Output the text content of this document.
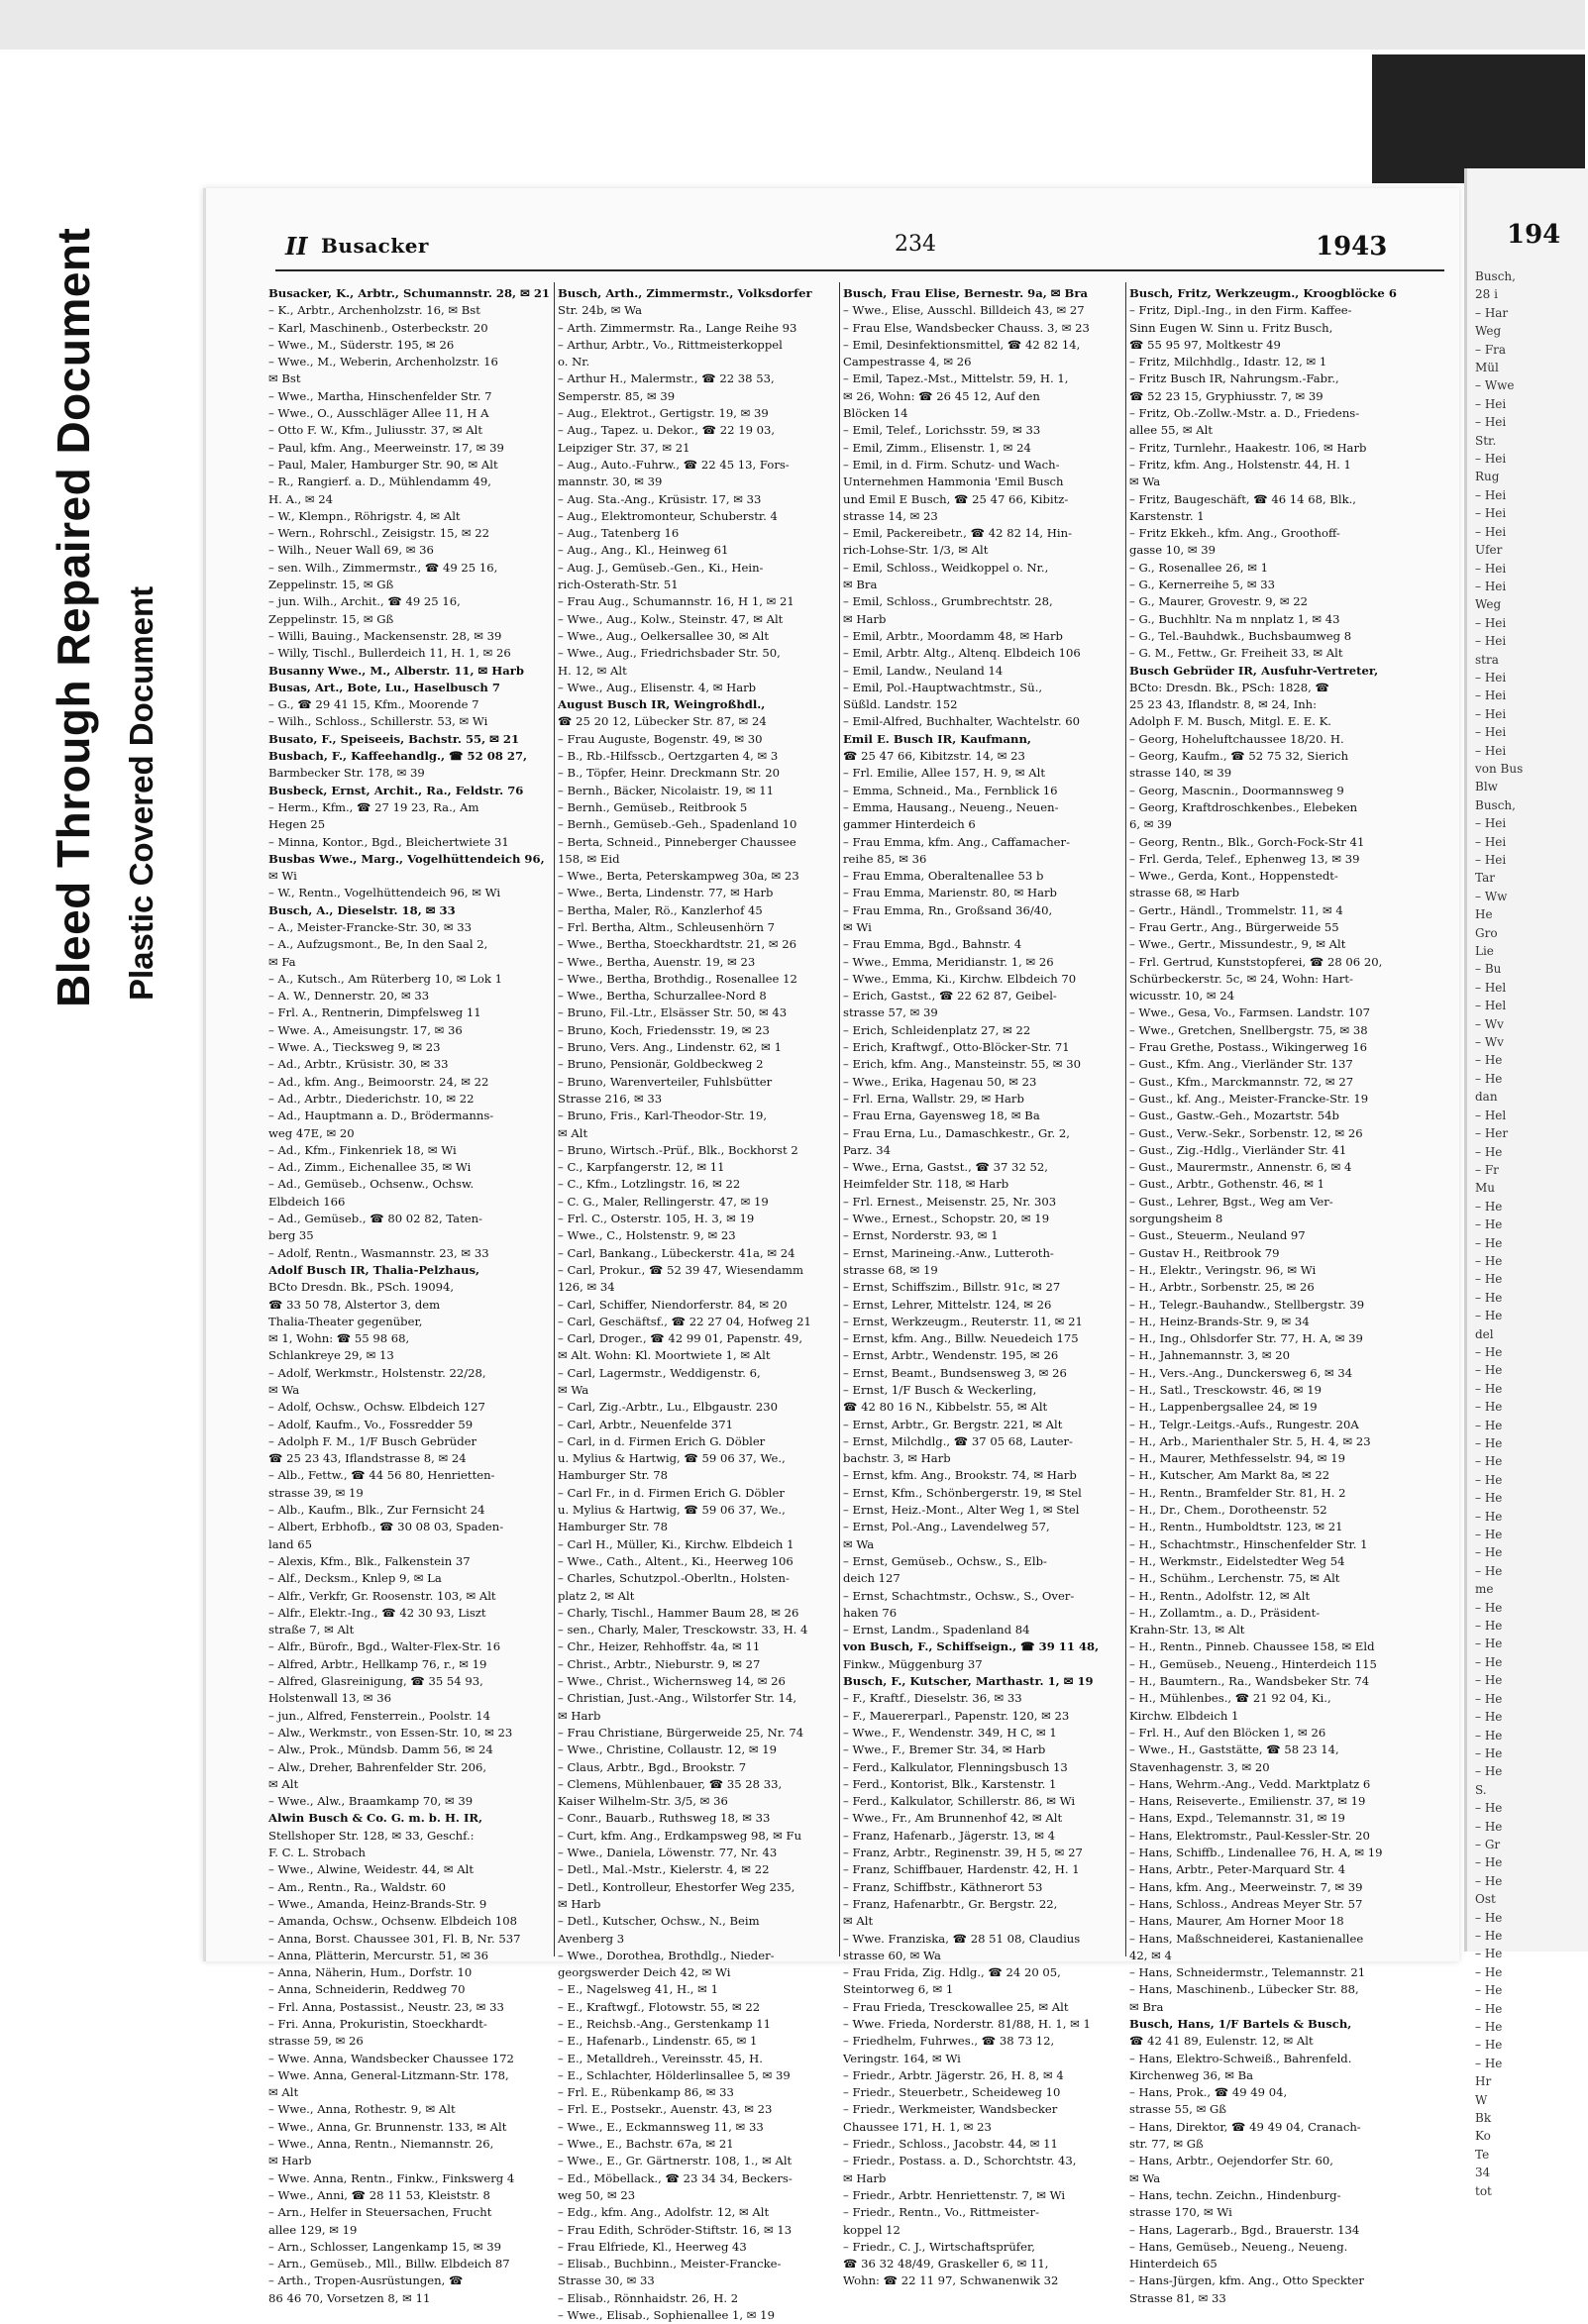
Bleed Through Repaired Document Plastic Covered Document
194
Busch,
28 i
– Har
Weg
– Fra
Mül
– Wwe
– Hei
– Hei
Str.
– Hei
Rug
– Hei
– Hei
– Hei
Ufer
– Hei
– Hei
Weg
– Hei
– Hei
stra
– Hei
– Hei
– Hei
– Hei
– Hei
von Bus
Blw
Busch,
– Hei
– Hei
– Hei
Tar
– Ww
He
Gro
Lie
– Bu
– Hel
– Hel
– Wv
– Wv
– He
– He
dan
– Hel
– Her
– He
– Fr
Mu
– He
– He
– He
– He
– He
– He
– He
del
– He
– He
– He
– He
– He
– He
– He
– He
– He
– He
– He
– He
– He
me
– He
– He
– He
– He
– He
– He
– He
– He
– He
– He
S.
– He
– He
– Gr
– He
– He
Ost
– He
– He
– He
– He
– He
– He
– He
– He
– He
Hr
W
Bk
Ko
Te
34
tot
II Busacker	234	1943
Busacker, K., Arbtr., Schumannstr. 28, ✉ 21
– K., Arbtr., Archenholzstr. 16, ✉ Bst
– Karl, Maschinenb., Osterbeckstr. 20
– Wwe., M., Süderstr. 195, ✉ 26
– Wwe., M., Weberin, Archenholzstr. 16
✉ Bst
– Wwe., Martha, Hinschenfelder Str. 7
– Wwe., O., Ausschläger Allee 11, H A
– Otto F. W., Kfm., Juliusstr. 37, ✉ Alt
– Paul, kfm. Ang., Meerweinstr. 17, ✉ 39
– Paul, Maler, Hamburger Str. 90, ✉ Alt
– R., Rangierf. a. D., Mühlendamm 49,
H. A., ✉ 24
– W., Klempn., Röhrigstr. 4, ✉ Alt
– Wern., Rohrschl., Zeisigstr. 15, ✉ 22
– Wilh., Neuer Wall 69, ✉ 36
– sen. Wilh., Zimmermstr., ☎ 49 25 16,
Zeppelinstr. 15, ✉ Gß
– jun. Wilh., Archit., ☎ 49 25 16,
Zeppelinstr. 15, ✉ Gß
– Willi, Bauing., Mackensenstr. 28, ✉ 39
– Willy, Tischl., Bullerdeich 11, H. 1, ✉ 26
Busanny Wwe., M., Alberstr. 11, ✉ Harb
Busas, Art., Bote, Lu., Haselbusch 7
– G., ☎ 29 41 15, Kfm., Moorende 7
– Wilh., Schloss., Schillerstr. 53, ✉ Wi
Busato, F., Speiseeis, Bachstr. 55, ✉ 21
Busbach, F., Kaffeehandlg., ☎ 52 08 27,
Barmbecker Str. 178, ✉ 39
Busbeck, Ernst, Archit., Ra., Feldstr. 76
– Herm., Kfm., ☎ 27 19 23, Ra., Am
Hegen 25
– Minna, Kontor., Bgd., Bleichertwiete 31
Busbas Wwe., Marg., Vogelhüttendeich 96,
✉ Wi
– W., Rentn., Vogelhüttendeich 96, ✉ Wi
Busch, A., Dieselstr. 18, ✉ 33
– A., Meister-Francke-Str. 30, ✉ 33
– A., Aufzugsmont., Be, In den Saal 2,
✉ Fa
– A., Kutsch., Am Rüterberg 10, ✉ Lok 1
– A. W., Dennerstr. 20, ✉ 33
– Frl. A., Rentnerin, Dimpfelsweg 11
– Wwe. A., Ameisungstr. 17, ✉ 36
– Wwe. A., Tiecksweg 9, ✉ 23
– Ad., Arbtr., Krüsistr. 30, ✉ 33
– Ad., kfm. Ang., Beimoorstr. 24, ✉ 22
– Ad., Arbtr., Diederichstr. 10, ✉ 22
– Ad., Hauptmann a. D., Brödermanns-
weg 47E, ✉ 20
– Ad., Kfm., Finkenriek 18, ✉ Wi
– Ad., Zimm., Eichenallee 35, ✉ Wi
– Ad., Gemüseb., Ochsenw., Ochsw.
Elbdeich 166
– Ad., Gemüseb., ☎ 80 02 82, Taten-
berg 35
– Adolf, Rentn., Wasmannstr. 23, ✉ 33
Adolf Busch IR, Thalia-Pelzhaus,
BCto Dresdn. Bk., PSch. 19094,
☎ 33 50 78, Alstertor 3, dem
Thalia-Theater gegenüber,
✉ 1, Wohn: ☎ 55 98 68,
Schlankreye 29, ✉ 13
– Adolf, Werkmstr., Holstenstr. 22/28,
✉ Wa
– Adolf, Ochsw., Ochsw. Elbdeich 127
– Adolf, Kaufm., Vo., Fossredder 59
– Adolph F. M., 1/F Busch Gebrüder
☎ 25 23 43, Iflandstrasse 8, ✉ 24
– Alb., Fettw., ☎ 44 56 80, Henrietten-
strasse 39, ✉ 19
– Alb., Kaufm., Blk., Zur Fernsicht 24
– Albert, Erbhofb., ☎ 30 08 03, Spaden-
land 65
– Alexis, Kfm., Blk., Falkenstein 37
– Alf., Decksm., Knlep 9, ✉ La
– Alfr., Verkfr, Gr. Roosenstr. 103, ✉ Alt
– Alfr., Elektr.-Ing., ☎ 42 30 93, Liszt
straße 7, ✉ Alt
– Alfr., Bürofr., Bgd., Walter-Flex-Str. 16
– Alfred, Arbtr., Hellkamp 76, r., ✉ 19
– Alfred, Glasreinigung, ☎ 35 54 93,
Holstenwall 13, ✉ 36
– jun., Alfred, Fensterrein., Poolstr. 14
– Alw., Werkmstr., von Essen-Str. 10, ✉ 23
– Alw., Prok., Mündsb. Damm 56, ✉ 24
– Alw., Dreher, Bahrenfelder Str. 206,
✉ Alt
– Wwe., Alw., Braamkamp 70, ✉ 39
Alwin Busch & Co. G. m. b. H. IR,
Stellshoper Str. 128, ✉ 33, Geschf.:
F. C. L. Strobach
– Wwe., Alwine, Weidestr. 44, ✉ Alt
– Am., Rentn., Ra., Waldstr. 60
– Wwe., Amanda, Heinz-Brands-Str. 9
– Amanda, Ochsw., Ochsenw. Elbdeich 108
– Anna, Borst. Chaussee 301, Fl. B, Nr. 537
– Anna, Plätterin, Mercurstr. 51, ✉ 36
– Anna, Näherin, Hum., Dorfstr. 10
– Anna, Schneiderin, Reddweg 70
– Frl. Anna, Postassist., Neustr. 23, ✉ 33
– Fri. Anna, Prokuristin, Stoeckhardt-
strasse 59, ✉ 26
– Wwe. Anna, Wandsbecker Chaussee 172
– Wwe. Anna, General-Litzmann-Str. 178,
✉ Alt
– Wwe., Anna, Rothestr. 9, ✉ Alt
– Wwe., Anna, Gr. Brunnenstr. 133, ✉ Alt
– Wwe., Anna, Rentn., Niemannstr. 26,
✉ Harb
– Wwe. Anna, Rentn., Finkw., Finkswerg 4
– Wwe., Anni, ☎ 28 11 53, Kleiststr. 8
– Arn., Helfer in Steuersachen, Frucht
allee 129, ✉ 19
– Arn., Schlosser, Langenkamp 15, ✉ 39
– Arn., Gemüseb., Mll., Billw. Elbdeich 87
– Arth., Tropen-Ausrüstungen, ☎
86 46 70, Vorsetzen 8, ✉ 11
Busch, Arth., Zimmermstr., Volksdorfer
Str. 24b, ✉ Wa
– Arth. Zimmermstr. Ra., Lange Reihe 93
– Arthur, Arbtr., Vo., Rittmeisterkoppel
o. Nr.
– Arthur H., Malermstr., ☎ 22 38 53,
Semperstr. 85, ✉ 39
– Aug., Elektrot., Gertigstr. 19, ✉ 39
– Aug., Tapez. u. Dekor., ☎ 22 19 03,
Leipziger Str. 37, ✉ 21
– Aug., Auto.-Fuhrw., ☎ 22 45 13, Fors-
mannstr. 30, ✉ 39
– Aug. Sta.-Ang., Krüsistr. 17, ✉ 33
– Aug., Elektromonteur, Schuberstr. 4
– Aug., Tatenberg 16
– Aug., Ang., Kl., Heinweg 61
– Aug. J., Gemüseb.-Gen., Ki., Hein-
rich-Osterath-Str. 51
– Frau Aug., Schumannstr. 16, H 1, ✉ 21
– Wwe., Aug., Kolw., Steinstr. 47, ✉ Alt
– Wwe., Aug., Oelkersallee 30, ✉ Alt
– Wwe., Aug., Friedrichsbader Str. 50,
H. 12, ✉ Alt
– Wwe., Aug., Elisenstr. 4, ✉ Harb
August Busch IR, Weingroßhdl.,
☎ 25 20 12, Lübecker Str. 87, ✉ 24
– Frau Auguste, Bogenstr. 49, ✉ 30
– B., Rb.-Hilfsscb., Oertzgarten 4, ✉ 3
– B., Töpfer, Heinr. Dreckmann Str. 20
– Bernh., Bäcker, Nicolaistr. 19, ✉ 11
– Bernh., Gemüseb., Reitbrook 5
– Bernh., Gemüseb.-Geh., Spadenland 10
– Berta, Schneid., Pinneberger Chaussee
158, ✉ Eid
– Wwe., Berta, Peterskampweg 30a, ✉ 23
– Wwe., Berta, Lindenstr. 77, ✉ Harb
– Bertha, Maler, Rö., Kanzlerhof 45
– Frl. Bertha, Altm., Schleusenhörn 7
– Wwe., Bertha, Stoeckhardtstr. 21, ✉ 26
– Wwe., Bertha, Auenstr. 19, ✉ 23
– Wwe., Bertha, Brothdig., Rosenallee 12
– Wwe., Bertha, Schurzallee-Nord 8
– Bruno, Fil.-Ltr., Elsässer Str. 50, ✉ 43
– Bruno, Koch, Friedensstr. 19, ✉ 23
– Bruno, Vers. Ang., Lindenstr. 62, ✉ 1
– Bruno, Pensionär, Goldbeckweg 2
– Bruno, Warenverteiler, Fuhlsbütter
Strasse 216, ✉ 33
– Bruno, Fris., Karl-Theodor-Str. 19,
✉ Alt
– Bruno, Wirtsch.-Prüf., Blk., Bockhorst 2
– C., Karpfangerstr. 12, ✉ 11
– C., Kfm., Lotzlingstr. 16, ✉ 22
– C. G., Maler, Rellingerstr. 47, ✉ 19
– Frl. C., Osterstr. 105, H. 3, ✉ 19
– Wwe., C., Holstenstr. 9, ✉ 23
– Carl, Bankang., Lübeckerstr. 41a, ✉ 24
– Carl, Prokur., ☎ 52 39 47, Wiesendamm
126, ✉ 34
– Carl, Schiffer, Niendorferstr. 84, ✉ 20
– Carl, Geschäftsf., ☎ 22 27 04, Hofweg 21
– Carl, Droger., ☎ 42 99 01, Papenstr. 49,
✉ Alt. Wohn: Kl. Moortwiete 1, ✉ Alt
– Carl, Lagermstr., Weddigenstr. 6,
✉ Wa
– Carl, Zig.-Arbtr., Lu., Elbgaustr. 230
– Carl, Arbtr., Neuenfelde 371
– Carl, in d. Firmen Erich G. Döbler
u. Mylius & Hartwig, ☎ 59 06 37, We.,
Hamburger Str. 78
– Carl Fr., in d. Firmen Erich G. Döbler
u. Mylius & Hartwig, ☎ 59 06 37, We.,
Hamburger Str. 78
– Carl H., Müller, Ki., Kirchw. Elbdeich 1
– Wwe., Cath., Altent., Ki., Heerweg 106
– Charles, Schutzpol.-Oberltn., Holsten-
platz 2, ✉ Alt
– Charly, Tischl., Hammer Baum 28, ✉ 26
– sen., Charly, Maler, Tresckowstr. 33, H. 4
– Chr., Heizer, Rehhoffstr. 4a, ✉ 11
– Christ., Arbtr., Nieburstr. 9, ✉ 27
– Wwe., Christ., Wichernsweg 14, ✉ 26
– Christian, Just.-Ang., Wilstorfer Str. 14,
✉ Harb
– Frau Christiane, Bürgerweide 25, Nr. 74
– Wwe., Christine, Collaustr. 12, ✉ 19
– Claus, Arbtr., Bgd., Brookstr. 7
– Clemens, Mühlenbauer, ☎ 35 28 33,
Kaiser Wilhelm-Str. 3/5, ✉ 36
– Conr., Bauarb., Ruthsweg 18, ✉ 33
– Curt, kfm. Ang., Erdkampsweg 98, ✉ Fu
– Wwe., Daniela, Löwenstr. 77, Nr. 43
– Detl., Mal.-Mstr., Kielerstr. 4, ✉ 22
– Detl., Kontrolleur, Ehestorfer Weg 235,
✉ Harb
– Detl., Kutscher, Ochsw., N., Beim
Avenberg 3
– Wwe., Dorothea, Brothdlg., Nieder-
georgswerder Deich 42, ✉ Wi
– E., Nagelsweg 41, H., ✉ 1
– E., Kraftwgf., Flotowstr. 55, ✉ 22
– E., Reichsb.-Ang., Gerstenkamp 11
– E., Hafenarb., Lindenstr. 65, ✉ 1
– E., Metalldreh., Vereinsstr. 45, H.
– E., Schlachter, Hölderlinsallee 5, ✉ 39
– Frl. E., Rübenkamp 86, ✉ 33
– Frl. E., Postsekr., Auenstr. 43, ✉ 23
– Wwe., E., Eckmannsweg 11, ✉ 33
– Wwe., E., Bachstr. 67a, ✉ 21
– Wwe., E., Gr. Gärtnerstr. 108, 1., ✉ Alt
– Ed., Möbellack., ☎ 23 34 34, Beckers-
weg 50, ✉ 23
– Edg., kfm. Ang., Adolfstr. 12, ✉ Alt
– Frau Edith, Schröder-Stiftstr. 16, ✉ 13
– Frau Elfriede, Kl., Heerweg 43
– Elisab., Buchbinn., Meister-Francke-
Strasse 30, ✉ 33
– Elisab., Rönnhaidstr. 26, H. 2
– Wwe., Elisab., Sophienallee 1, ✉ 19
Busch, Frau Elise, Bernestr. 9a, ✉ Bra
– Wwe., Elise, Ausschl. Billdeich 43, ✉ 27
– Frau Else, Wandsbecker Chauss. 3, ✉ 23
– Emil, Desinfektionsmittel, ☎ 42 82 14,
Campestrasse 4, ✉ 26
– Emil, Tapez.-Mst., Mittelstr. 59, H. 1,
✉ 26, Wohn: ☎ 26 45 12, Auf den
Blöcken 14
– Emil, Telef., Lorichsstr. 59, ✉ 33
– Emil, Zimm., Elisenstr. 1, ✉ 24
– Emil, in d. Firm. Schutz- und Wach-
Unternehmen Hammonia 'Emil Busch
und Emil E Busch, ☎ 25 47 66, Kibitz-
strasse 14, ✉ 23
– Emil, Packereibetr., ☎ 42 82 14, Hin-
rich-Lohse-Str. 1/3, ✉ Alt
– Emil, Schloss., Weidkoppel o. Nr.,
✉ Bra
– Emil, Schloss., Grumbrechtstr. 28,
✉ Harb
– Emil, Arbtr., Moordamm 48, ✉ Harb
– Emil, Arbtr. Altg., Altenq. Elbdeich 106
– Emil, Landw., Neuland 14
– Emil, Pol.-Hauptwachtmstr., Sü.,
Süßld. Landstr. 152
– Emil-Alfred, Buchhalter, Wachtelstr. 60
Emil E. Busch IR, Kaufmann,
☎ 25 47 66, Kibitzstr. 14, ✉ 23
– Frl. Emilie, Allee 157, H. 9, ✉ Alt
– Emma, Schneid., Ma., Fernblick 16
– Emma, Hausang., Neueng., Neuen-
gammer Hinterdeich 6
– Frau Emma, kfm. Ang., Caffamacher-
reihe 85, ✉ 36
– Frau Emma, Oberaltenallee 53 b
– Frau Emma, Marienstr. 80, ✉ Harb
– Frau Emma, Rn., Großsand 36/40,
✉ Wi
– Frau Emma, Bgd., Bahnstr. 4
– Wwe., Emma, Meridianstr. 1, ✉ 26
– Wwe., Emma, Ki., Kirchw. Elbdeich 70
– Erich, Gastst., ☎ 22 62 87, Geibel-
strasse 57, ✉ 39
– Erich, Schleidenplatz 27, ✉ 22
– Erich, Kraftwgf., Otto-Blöcker-Str. 71
– Erich, kfm. Ang., Mansteinstr. 55, ✉ 30
– Wwe., Erika, Hagenau 50, ✉ 23
– Frl. Erna, Wallstr. 29, ✉ Harb
– Frau Erna, Gayensweg 18, ✉ Ba
– Frau Erna, Lu., Damaschkestr., Gr. 2,
Parz. 34
– Wwe., Erna, Gastst., ☎ 37 32 52,
Heimfelder Str. 118, ✉ Harb
– Frl. Ernest., Meisenstr. 25, Nr. 303
– Wwe., Ernest., Schopstr. 20, ✉ 19
– Ernst, Norderstr. 93, ✉ 1
– Ernst, Marineing.-Anw., Lutteroth-
strasse 68, ✉ 19
– Ernst, Schiffszim., Billstr. 91c, ✉ 27
– Ernst, Lehrer, Mittelstr. 124, ✉ 26
– Ernst, Werkzeugm., Reuterstr. 11, ✉ 21
– Ernst, kfm. Ang., Billw. Neuedeich 175
– Ernst, Arbtr., Wendenstr. 195, ✉ 26
– Ernst, Beamt., Bundsensweg 3, ✉ 26
– Ernst, 1/F Busch & Weckerling,
☎ 42 80 16 N., Kibbelstr. 55, ✉ Alt
– Ernst, Arbtr., Gr. Bergstr. 221, ✉ Alt
– Ernst, Milchdlg., ☎ 37 05 68, Lauter-
bachstr. 3, ✉ Harb
– Ernst, kfm. Ang., Brookstr. 74, ✉ Harb
– Ernst, Kfm., Schönbergerstr. 19, ✉ Stel
– Ernst, Heiz.-Mont., Alter Weg 1, ✉ Stel
– Ernst, Pol.-Ang., Lavendelweg 57,
✉ Wa
– Ernst, Gemüseb., Ochsw., S., Elb-
deich 127
– Ernst, Schachtmstr., Ochsw., S., Over-
haken 76
– Ernst, Landm., Spadenland 84
von Busch, F., Schiffseign., ☎ 39 11 48,
Finkw., Müggenburg 37
Busch, F., Kutscher, Marthastr. 1, ✉ 19
– F., Kraftf., Dieselstr. 36, ✉ 33
– F., Mauererparl., Papenstr. 120, ✉ 23
– Wwe., F., Wendenstr. 349, H C, ✉ 1
– Wwe., F., Bremer Str. 34, ✉ Harb
– Ferd., Kalkulator, Flenningsbusch 13
– Ferd., Kontorist, Blk., Karstenstr. 1
– Ferd., Kalkulator, Schillerstr. 86, ✉ Wi
– Wwe., Fr., Am Brunnenhof 42, ✉ Alt
– Franz, Hafenarb., Jägerstr. 13, ✉ 4
– Franz, Arbtr., Reginenstr. 39, H 5, ✉ 27
– Franz, Schiffbauer, Hardenstr. 42, H. 1
– Franz, Schiffbstr., Käthnerort 53
– Franz, Hafenarbtr., Gr. Bergstr. 22,
✉ Alt
– Wwe. Franziska, ☎ 28 51 08, Claudius
strasse 60, ✉ Wa
– Frau Frida, Zig. Hdlg., ☎ 24 20 05,
Steintorweg 6, ✉ 1
– Frau Frieda, Tresckowallee 25, ✉ Alt
– Wwe. Frieda, Norderstr. 81/88, H. 1, ✉ 1
– Friedhelm, Fuhrwes., ☎ 38 73 12,
Veringstr. 164, ✉ Wi
– Friedr., Arbtr. Jägerstr. 26, H. 8, ✉ 4
– Friedr., Steuerbetr., Scheideweg 10
– Friedr., Werkmeister, Wandsbecker
Chaussee 171, H. 1, ✉ 23
– Friedr., Schloss., Jacobstr. 44, ✉ 11
– Friedr., Postass. a. D., Schorchtstr. 43,
✉ Harb
– Friedr., Arbtr. Henriettenstr. 7, ✉ Wi
– Friedr., Rentn., Vo., Rittmeister-
koppel 12
– Friedr., C. J., Wirtschaftsprüfer,
☎ 36 32 48/49, Graskeller 6, ✉ 11,
Wohn: ☎ 22 11 97, Schwanenwik 32
Busch, Fritz, Werkzeugm., Kroogblöcke 6
– Fritz, Dipl.-Ing., in den Firm. Kaffee-
Sinn Eugen W. Sinn u. Fritz Busch,
☎ 55 95 97, Moltkestr 49
– Fritz, Milchhdlg., Idastr. 12, ✉ 1
– Fritz Busch IR, Nahrungsm.-Fabr.,
☎ 52 23 15, Gryphiusstr. 7, ✉ 39
– Fritz, Ob.-Zollw.-Mstr. a. D., Friedens-
allee 55, ✉ Alt
– Fritz, Turnlehr., Haakestr. 106, ✉ Harb
– Fritz, kfm. Ang., Holstenstr. 44, H. 1
✉ Wa
– Fritz, Baugeschäft, ☎ 46 14 68, Blk.,
Karstenstr. 1
– Fritz Ekkeh., kfm. Ang., Groothoff-
gasse 10, ✉ 39
– G., Rosenallee 26, ✉ 1
– G., Kernerreihe 5, ✉ 33
– G., Maurer, Grovestr. 9, ✉ 22
– G., Buchhltr. Na m nnplatz 1, ✉ 43
– G., Tel.-Bauhdwk., Buchsbaumweg 8
– G. M., Fettw., Gr. Freiheit 33, ✉ Alt
Busch Gebrüder IR, Ausfuhr-Vertreter,
BCto: Dresdn. Bk., PSch: 1828, ☎
25 23 43, Iflandstr. 8, ✉ 24, Inh:
Adolph F. M. Busch, Mitgl. E. E. K.
– Georg, Hoheluftchaussee 18/20. H.
– Georg, Kaufm., ☎ 52 75 32, Sierich
strasse 140, ✉ 39
– Georg, Mascnin., Doormannsweg 9
– Georg, Kraftdroschkenbes., Elebeken
6, ✉ 39
– Georg, Rentn., Blk., Gorch-Fock-Str 41
– Frl. Gerda, Telef., Ephenweg 13, ✉ 39
– Wwe., Gerda, Kont., Hoppenstedt-
strasse 68, ✉ Harb
– Gertr., Händl., Trommelstr. 11, ✉ 4
– Frau Gertr., Ang., Bürgerweide 55
– Wwe., Gertr., Missundestr., 9, ✉ Alt
– Frl. Gertrud, Kunststopferei, ☎ 28 06 20,
Schürbeckerstr. 5c, ✉ 24, Wohn: Hart-
wicusstr. 10, ✉ 24
– Wwe., Gesa, Vo., Farmsen. Landstr. 107
– Wwe., Gretchen, Snellbergstr. 75, ✉ 38
– Frau Grethe, Postass., Wikingerweg 16
– Gust., Kfm. Ang., Vierländer Str. 137
– Gust., Kfm., Marckmannstr. 72, ✉ 27
– Gust., kf. Ang., Meister-Francke-Str. 19
– Gust., Gastw.-Geh., Mozartstr. 54b
– Gust., Verw.-Sekr., Sorbenstr. 12, ✉ 26
– Gust., Zig.-Hdlg., Vierländer Str. 41
– Gust., Maurermstr., Annenstr. 6, ✉ 4
– Gust., Arbtr., Gothenstr. 46, ✉ 1
– Gust., Lehrer, Bgst., Weg am Ver-
sorgungsheim 8
– Gust., Steuerm., Neuland 97
– Gustav H., Reitbrook 79
– H., Elektr., Veringstr. 96, ✉ Wi
– H., Arbtr., Sorbenstr. 25, ✉ 26
– H., Telegr.-Bauhandw., Stellbergstr. 39
– H., Heinz-Brands-Str. 9, ✉ 34
– H., Ing., Ohlsdorfer Str. 77, H. A, ✉ 39
– H., Jahnemannstr. 3, ✉ 20
– H., Vers.-Ang., Dunckersweg 6, ✉ 34
– H., Satl., Tresckowstr. 46, ✉ 19
– H., Lappenbergsallee 24, ✉ 19
– H., Telgr.-Leitgs.-Aufs., Rungestr. 20A
– H., Arb., Marienthaler Str. 5, H. 4, ✉ 23
– H., Maurer, Methfesselstr. 94, ✉ 19
– H., Kutscher, Am Markt 8a, ✉ 22
– H., Rentn., Bramfelder Str. 81, H. 2
– H., Dr., Chem., Dorotheenstr. 52
– H., Rentn., Humboldtstr. 123, ✉ 21
– H., Schachtmstr., Hinschenfelder Str. 1
– H., Werkmstr., Eidelstedter Weg 54
– H., Schühm., Lerchenstr. 75, ✉ Alt
– H., Rentn., Adolfstr. 12, ✉ Alt
– H., Zollamtm., a. D., Präsident-
Krahn-Str. 13, ✉ Alt
– H., Rentn., Pinneb. Chaussee 158, ✉ Eld
– H., Gemüseb., Neueng., Hinterdeich 115
– H., Baumtern., Ra., Wandsbeker Str. 74
– H., Mühlenbes., ☎ 21 92 04, Ki.,
Kirchw. Elbdeich 1
– Frl. H., Auf den Blöcken 1, ✉ 26
– Wwe., H., Gaststätte, ☎ 58 23 14,
Stavenhagenstr. 3, ✉ 20
– Hans, Wehrm.-Ang., Vedd. Marktplatz 6
– Hans, Reiseverte., Emilienstr. 37, ✉ 19
– Hans, Expd., Telemannstr. 31, ✉ 19
– Hans, Elektromstr., Paul-Kessler-Str. 20
– Hans, Schiffb., Lindenallee 76, H. A, ✉ 19
– Hans, Arbtr., Peter-Marquard Str. 4
– Hans, kfm. Ang., Meerweinstr. 7, ✉ 39
– Hans, Schloss., Andreas Meyer Str. 57
– Hans, Maurer, Am Horner Moor 18
– Hans, Maßschneiderei, Kastanienallee
42, ✉ 4
– Hans, Schneidermstr., Telemannstr. 21
– Hans, Maschinenb., Lübecker Str. 88,
✉ Bra
Busch, Hans, 1/F Bartels & Busch,
☎ 42 41 89, Eulenstr. 12, ✉ Alt
– Hans, Elektro-Schweiß., Bahrenfeld.
Kirchenweg 36, ✉ Ba
– Hans, Prok., ☎ 49 49 04,
strasse 55, ✉ Gß
– Hans, Direktor, ☎ 49 49 04, Cranach-
str. 77, ✉ Gß
– Hans, Arbtr., Oejendorfer Str. 60,
✉ Wa
– Hans, techn. Zeichn., Hindenburg-
strasse 170, ✉ Wi
– Hans, Lagerarb., Bgd., Brauerstr. 134
– Hans, Gemüseb., Neueng., Neueng.
Hinterdeich 65
– Hans-Jürgen, kfm. Ang., Otto Speckter
Strasse 81, ✉ 33
